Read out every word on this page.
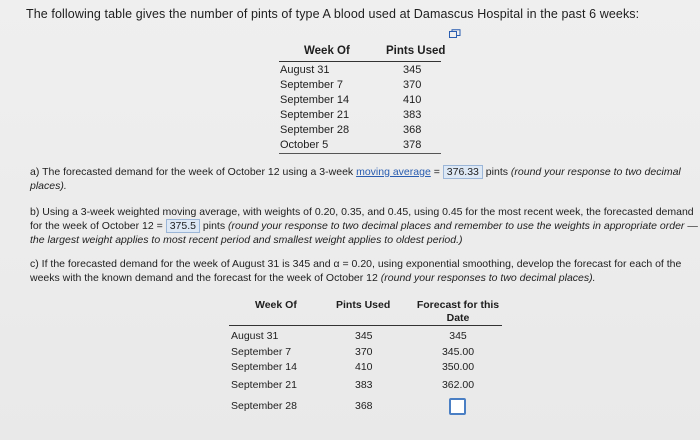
The following table gives the number of pints of type A blood used at Damascus Hospital in the past 6 weeks:
Week Of	Pints Used
August 31	345
September 7	370
September 14	410
September 21	383
September 28	368
October 5	378
a) The forecasted demand for the week of October 12 using a 3-week moving average = 376.33 pints (round your response to two decimal places).
b) Using a 3-week weighted moving average, with weights of 0.20, 0.35, and 0.45, using 0.45 for the most recent week, the forecasted demand
for the week of October 12 = 375.5 pints (round your response to two decimal places and remember to use the weights in appropriate order —
the largest weight applies to most recent period and smallest weight applies to oldest period.)
c) If the forecasted demand for the week of August 31 is 345 and α = 0.20, using exponential smoothing, develop the forecast for each of the
weeks with the known demand and the forecast for the week of October 12 (round your responses to two decimal places).
Week Of	Pints Used	Forecast for this
Date
August 31	345	345
September 7	370	345.00
September 14	410	350.00
September 21	383	362.00
September 28	368
